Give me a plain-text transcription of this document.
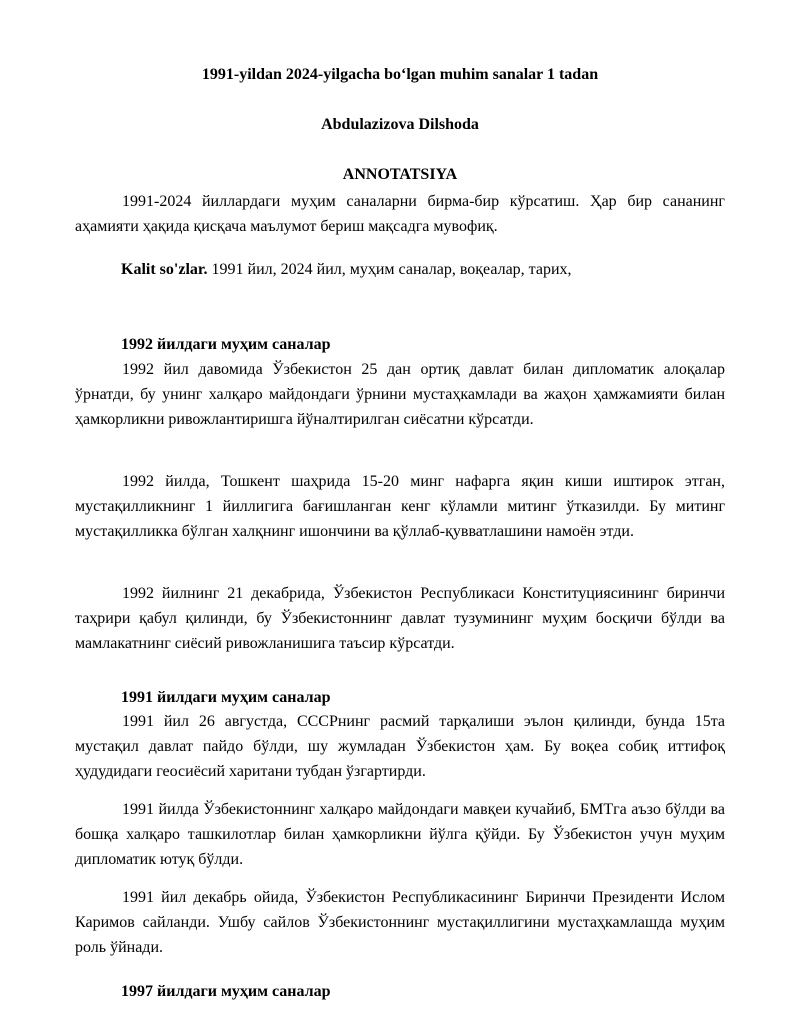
1991-yildan 2024-yilgacha bo‘lgan muhim sanalar 1 tadan
Abdulazizova Dilshoda
ANNOTATSIYA
1991-2024 йиллардаги муҳим саналарни бирма-бир кўрсатиш. Ҳар бир сананинг аҳамияти ҳақида қисқача маълумот бериш мақсадга мувофиқ.
Kalit so'zlar. 1991 йил, 2024 йил, муҳим саналар, воқеалар, тарих,
1992 йилдаги муҳим саналар
1992 йил давомида Ўзбекистон 25 дан ортиқ давлат билан дипломатик алоқалар ўрнатди, бу унинг халқаро майдондаги ўрнини мустаҳкамлади ва жаҳон ҳамжамияти билан ҳамкорликни ривожлантиришга йўналтирилган сиёсатни кўрсатди.
1992 йилда, Тошкент шаҳрида 15-20 минг нафарга яқин киши иштирок этган, мустақилликнинг 1 йиллигига бағишланган кенг кўламли митинг ўтказилди. Бу митинг мустақилликка бўлган халқнинг ишончини ва қўллаб-қувватлашини намоён этди.
1992 йилнинг 21 декабрида, Ўзбекистон Республикаси Конституциясининг биринчи таҳрири қабул қилинди, бу Ўзбекистоннинг давлат тузумининг муҳим босқичи бўлди ва мамлакатнинг сиёсий ривожланишига таъсир кўрсатди.
1991 йилдаги муҳим саналар
1991 йил 26 августда, СССРнинг расмий тарқалиши эълон қилинди, бунда 15та мустақил давлат пайдо бўлди, шу жумладан Ўзбекистон ҳам. Бу воқеа собиқ иттифоқ ҳудудидаги геосиёсий харитани тубдан ўзгартирди.
1991 йилда Ўзбекистоннинг халқаро майдондаги мавқеи кучайиб, БМТга аъзо бўлди ва бошқа халқаро ташкилотлар билан ҳамкорликни йўлга қўйди. Бу Ўзбекистон учун муҳим дипломатик ютуқ бўлди.
1991 йил декабрь ойида, Ўзбекистон Республикасининг Биринчи Президенти Ислом Каримов сайланди. Ушбу сайлов Ўзбекистоннинг мустақиллигини мустаҳкамлашда муҳим роль ўйнади.
1997 йилдаги муҳим саналар
